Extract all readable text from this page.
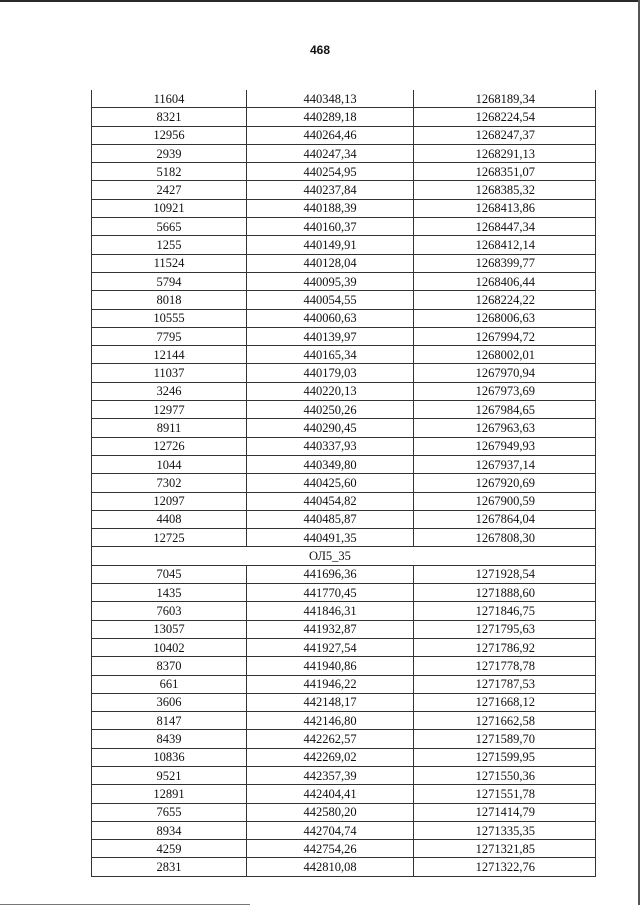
468
11604	440348,13	1268189,34
8321	440289,18	1268224,54
12956	440264,46	1268247,37
2939	440247,34	1268291,13
5182	440254,95	1268351,07
2427	440237,84	1268385,32
10921	440188,39	1268413,86
5665	440160,37	1268447,34
1255	440149,91	1268412,14
11524	440128,04	1268399,77
5794	440095,39	1268406,44
8018	440054,55	1268224,22
10555	440060,63	1268006,63
7795	440139,97	1267994,72
12144	440165,34	1268002,01
11037	440179,03	1267970,94
3246	440220,13	1267973,69
12977	440250,26	1267984,65
8911	440290,45	1267963,63
12726	440337,93	1267949,93
1044	440349,80	1267937,14
7302	440425,60	1267920,69
12097	440454,82	1267900,59
4408	440485,87	1267864,04
12725	440491,35	1267808,30
	ОЛ5_35	
7045	441696,36	1271928,54
1435	441770,45	1271888,60
7603	441846,31	1271846,75
13057	441932,87	1271795,63
10402	441927,54	1271786,92
8370	441940,86	1271778,78
661	441946,22	1271787,53
3606	442148,17	1271668,12
8147	442146,80	1271662,58
8439	442262,57	1271589,70
10836	442269,02	1271599,95
9521	442357,39	1271550,36
12891	442404,41	1271551,78
7655	442580,20	1271414,79
8934	442704,74	1271335,35
4259	442754,26	1271321,85
2831	442810,08	1271322,76
